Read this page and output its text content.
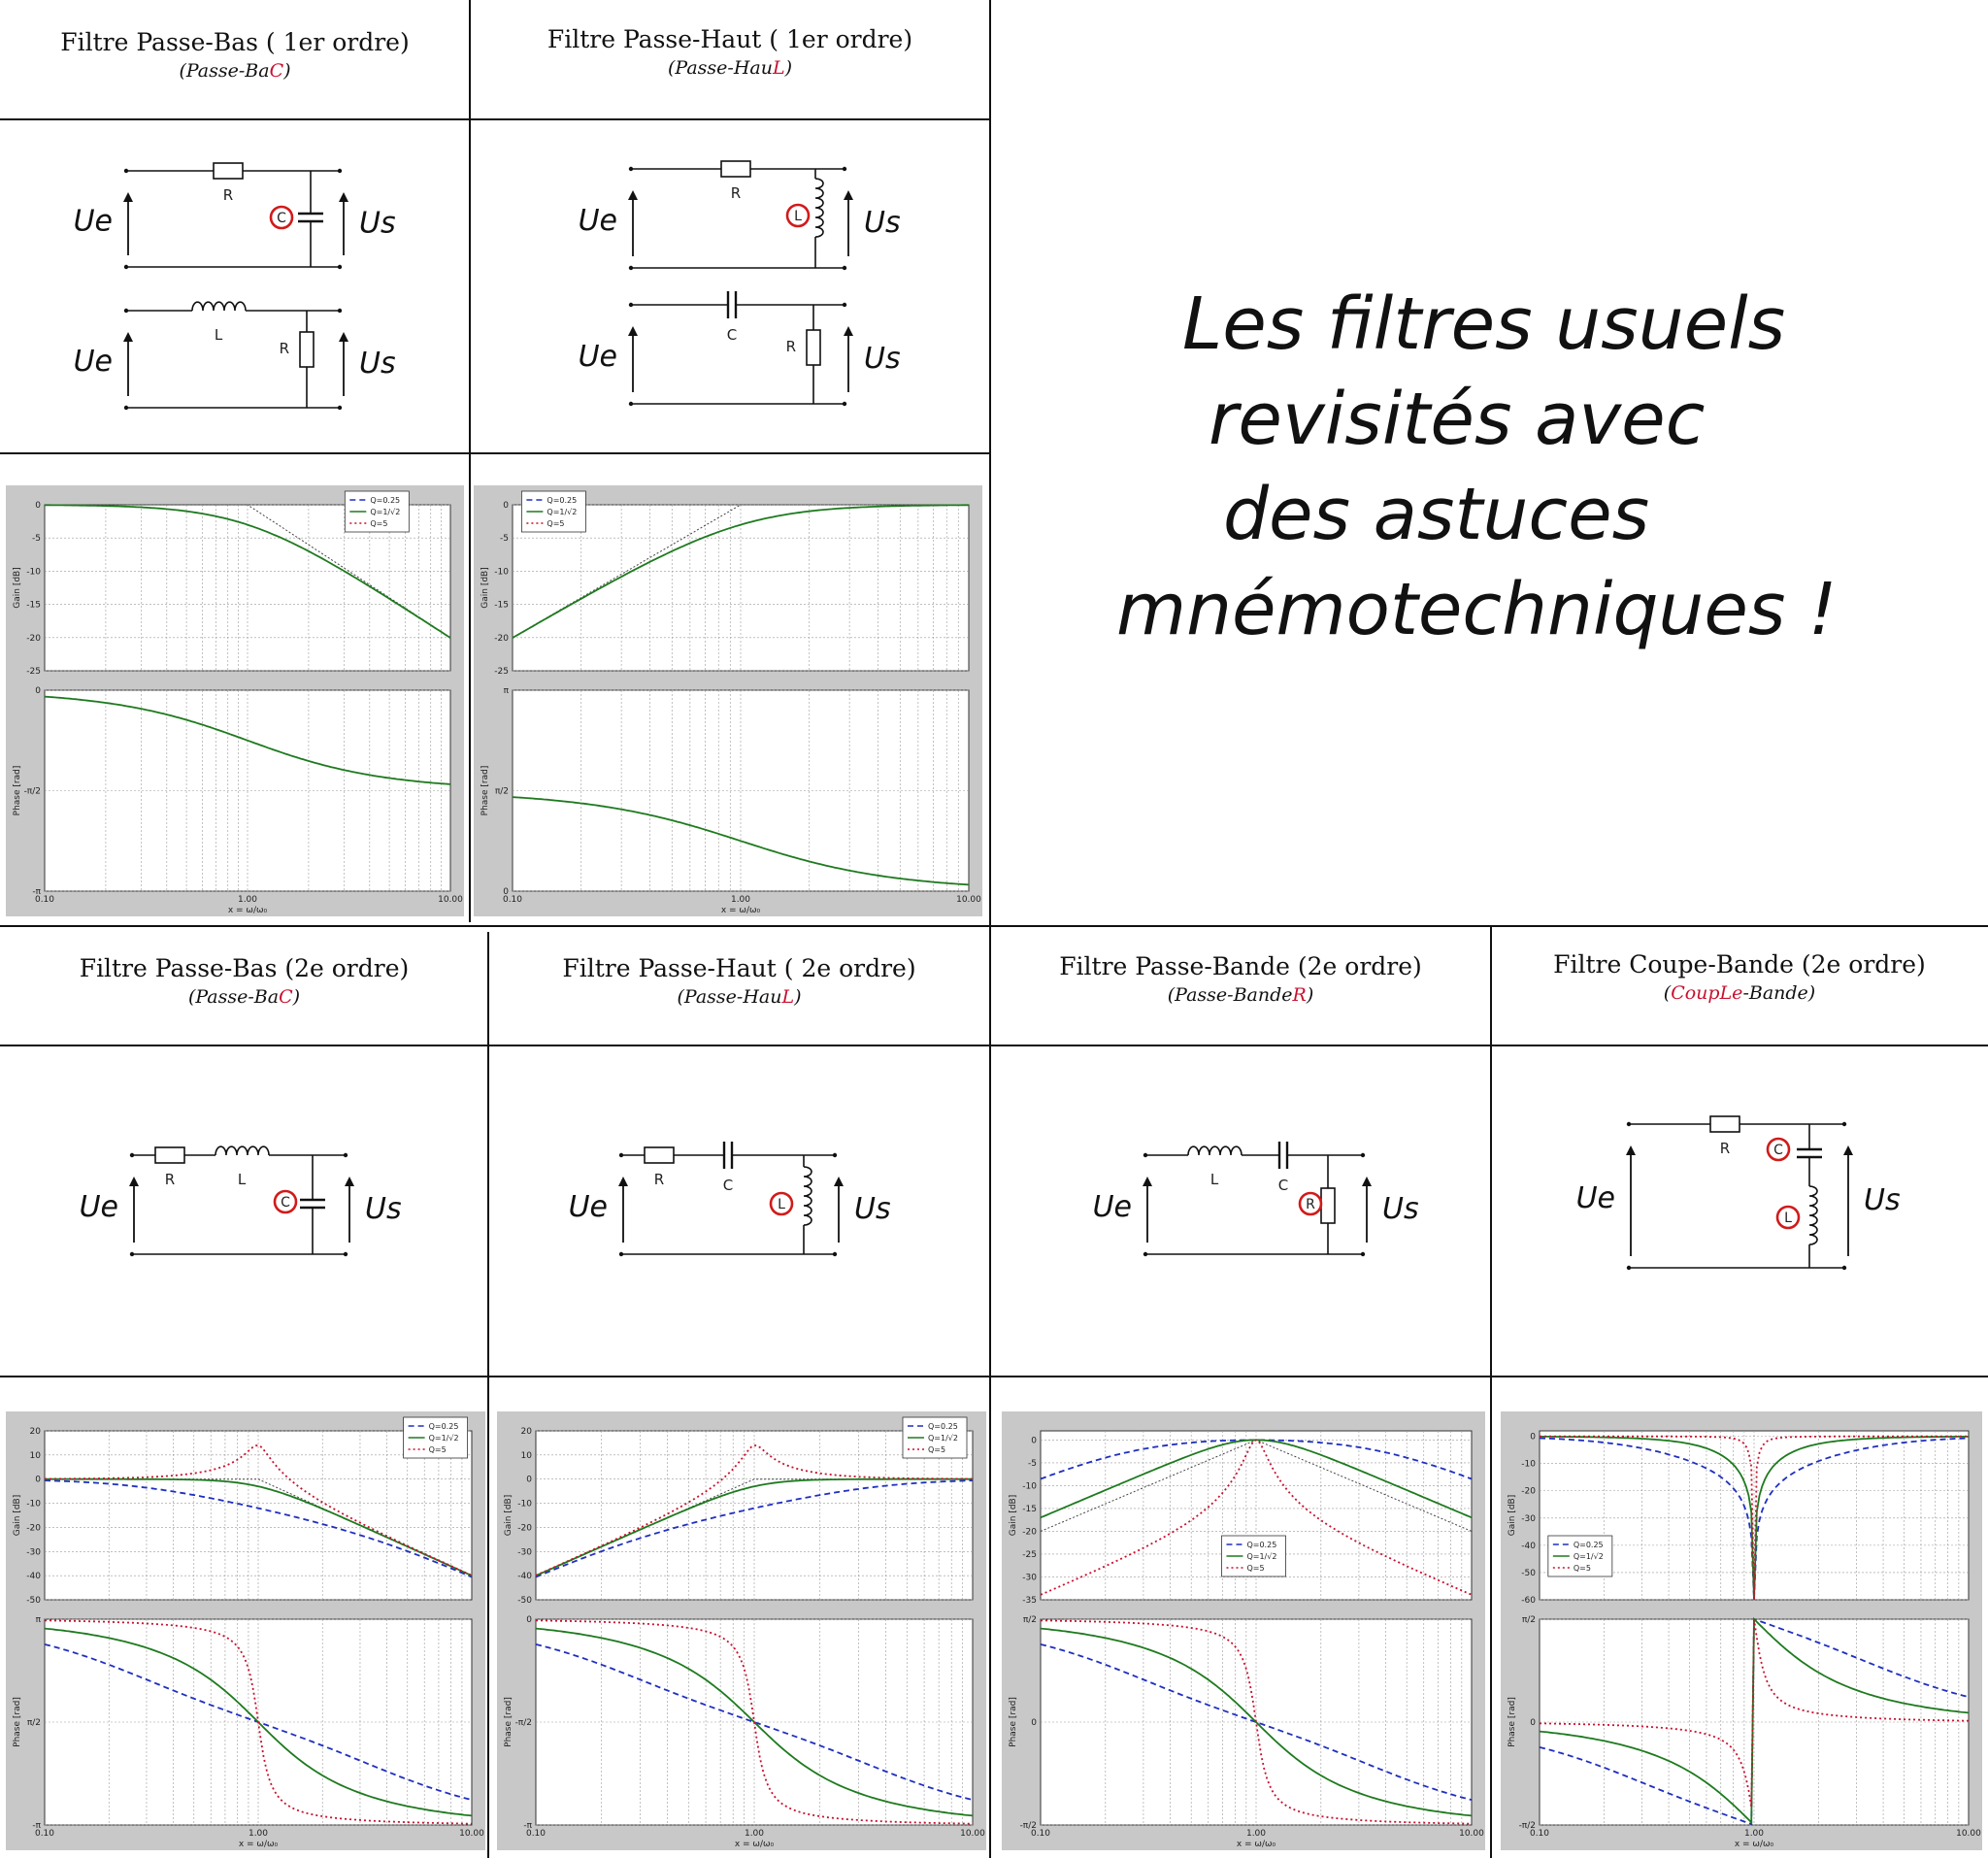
Filtre Passe-Bas ( 1er ordre)
(Passe-BaC)
Filtre Passe-Haut ( 1er ordre)
(Passe-HauL)
Filtre Passe-Bas (2e ordre)
(Passe-BaC)
Filtre Passe-Haut ( 2e ordre)
(Passe-HauL)
Filtre Passe-Bande (2e ordre)
(Passe-BandeR)
Filtre Coupe-Bande (2e ordre)
(CoupLe-Bande)
Les filtres usuels
revisités avec
des astuces
mnémotechniques !
R
C
Ue	Us
L
R
Ue	Us
R
L
Ue	Us
C
R
Ue	Us
R	L
C
Ue	Us
R	C
L
Ue	Us
L	C
R
Ue	Us
R	C
L
Ue	Us
Gain [dB]
Phase [rad]
0
-5
-10
-15
-20
-25
0
-π/2
-π
0.10	1.00	10.00
x = ω/ω₀
Q=0.25
Q=1/√2
Q=5
Gain [dB]
Phase [rad]
0
-5
-10
-15
-20
-25
π
π/2
0
0.10	1.00	10.00
x = ω/ω₀
Q=0.25
Q=1/√2
Q=5
Gain [dB]
Phase [rad]
20
10
0
-10
-20
-30
-40
-50
π
π/2
-π
0.10	1.00	10.00
x = ω/ω₀
Q=0.25
Q=1/√2
Q=5
Gain [dB]
Phase [rad]
20
10
0
-10
-20
-30
-40
-50
0
-π/2
-π
0.10	1.00	10.00
x = ω/ω₀
Q=0.25
Q=1/√2
Q=5
Gain [dB]
Phase [rad]
0
-5
-10
-15
-20
-25
-30
-35
π/2
0
-π/2
0.10	1.00	10.00
x = ω/ω₀
Q=0.25
Q=1/√2
Q=5
Gain [dB]
Phase [rad]
0
-10
-20
-30
-40
-50
-60
π/2
0
-π/2
0.10	1.00	10.00
x = ω/ω₀
Q=0.25
Q=1/√2
Q=5
